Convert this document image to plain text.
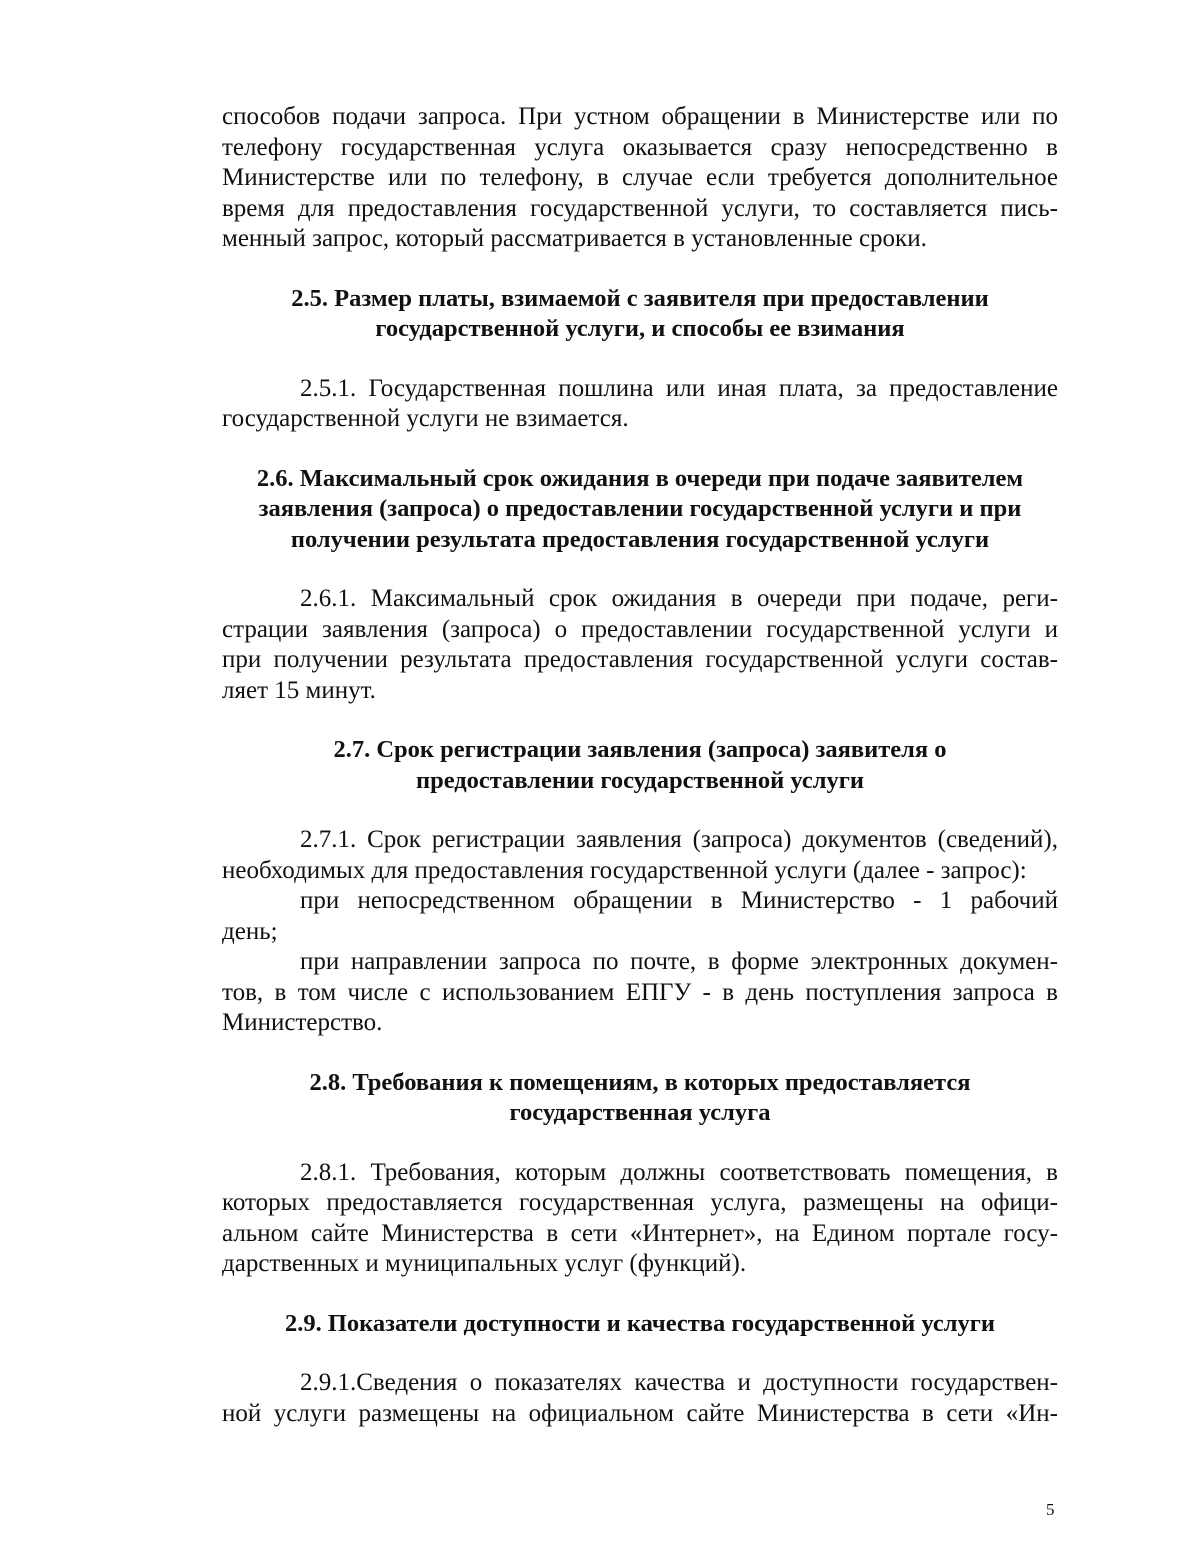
способов подачи запроса. При устном обращении в Министерстве или по
телефону государственная услуга оказывается сразу непосредственно в
Министерстве или по телефону, в случае если требуется дополнительное
время для предоставления государственной услуги, то составляется пись-
менный запрос, который рассматривается в установленные сроки.
2.5. Размер платы, взимаемой с заявителя при предоставлении
государственной услуги, и способы ее взимания
2.5.1. Государственная пошлина или иная плата, за предоставление
государственной услуги не взимается.
2.6. Максимальный срок ожидания в очереди при подаче заявителем
заявления (запроса) о предоставлении государственной услуги и при
получении результата предоставления государственной услуги
2.6.1. Максимальный срок ожидания в очереди при подаче, реги-
страции заявления (запроса) о предоставлении государственной услуги и
при получении результата предоставления государственной услуги состав-
ляет 15 минут.
2.7. Срок регистрации заявления (запроса) заявителя о
предоставлении государственной услуги
2.7.1. Срок регистрации заявления (запроса) документов (сведений),
необходимых для предоставления государственной услуги (далее - запрос):
при непосредственном обращении в Министерство - 1 рабочий
день;
при направлении запроса по почте, в форме электронных докумен-
тов, в том числе с использованием ЕПГУ - в день поступления запроса в
Министерство.
2.8. Требования к помещениям, в которых предоставляется
государственная услуга
2.8.1. Требования, которым должны соответствовать помещения, в
которых предоставляется государственная услуга, размещены на офици-
альном сайте Министерства в сети «Интернет», на Едином портале госу-
дарственных и муниципальных услуг (функций).
2.9. Показатели доступности и качества государственной услуги
2.9.1.Сведения о показателях качества и доступности государствен-
ной услуги размещены на официальном сайте Министерства в сети «Ин-
5
